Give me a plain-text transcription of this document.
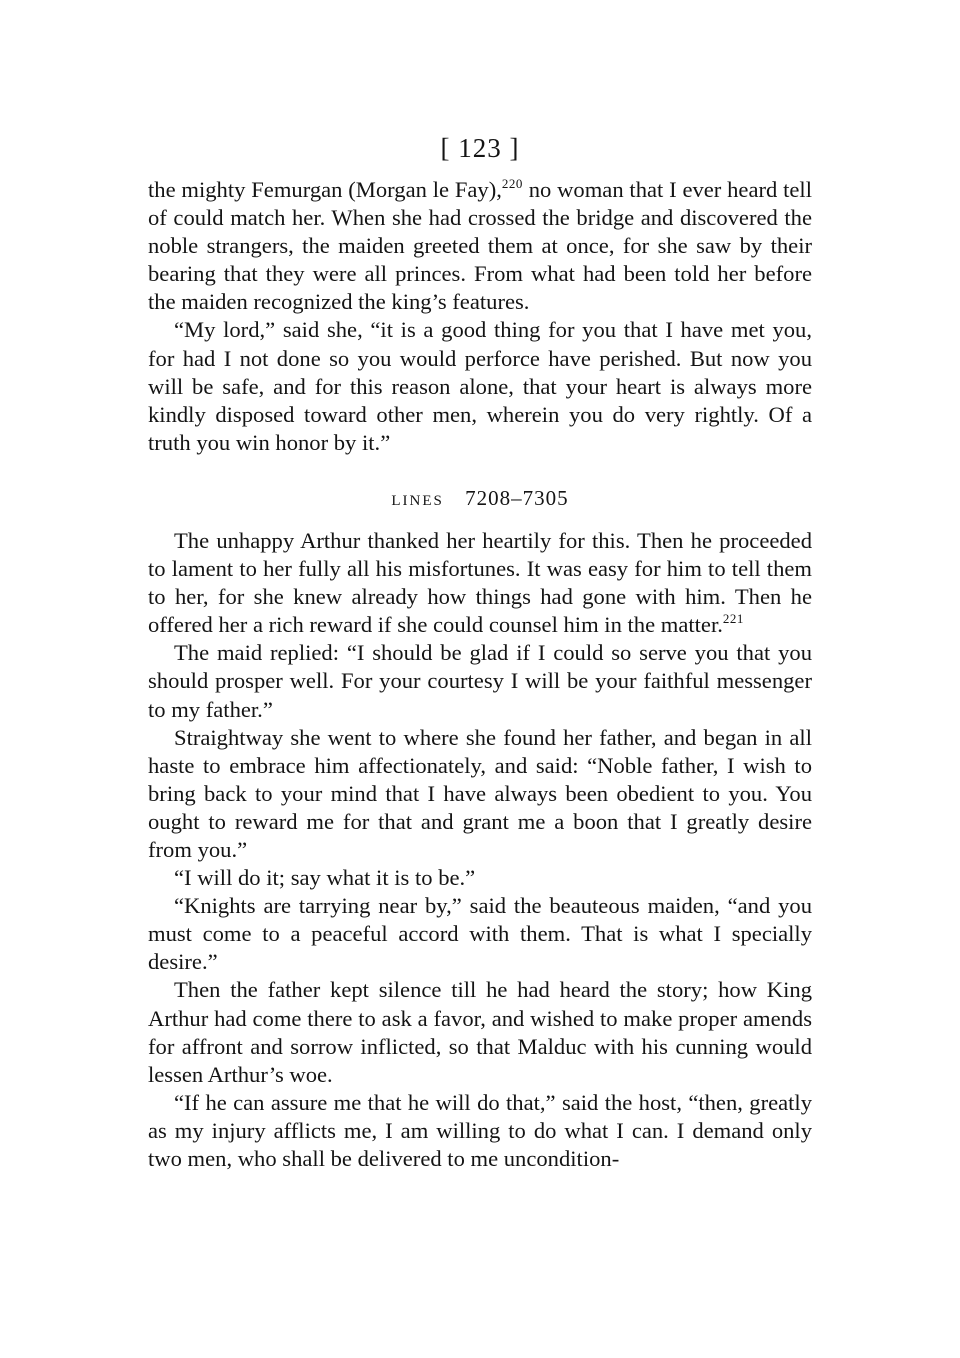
[ 123 ]

the mighty Femurgan (Morgan le Fay),$^{220}$ no woman that I ever heard tell of could match her. When she had crossed the bridge and discovered the noble strangers, the maiden greeted them at once, for she saw by their bearing that they were all princes. From what had been told her before the maiden recognized the king’s features.

“My lord,” said she, “it is a good thing for you that I have met you, for had I not done so you would perforce have perished. But now you will be safe, and for this reason alone, that your heart is always more kindly disposed toward other men, wherein you do very rightly. Of a truth you win honor by it.”

LINES  7208–7305

The unhappy Arthur thanked her heartily for this. Then he proceeded to lament to her fully all his misfortunes. It was easy for him to tell them to her, for she knew already how things had gone with him. Then he offered her a rich reward if she could counsel him in the matter.$^{221}$

The maid replied: “I should be glad if I could so serve you that you should prosper well. For your courtesy I will be your faithful messenger to my father.”

Straightway she went to where she found her father, and began in all haste to embrace him affectionately, and said: “Noble father, I wish to bring back to your mind that I have always been obedient to you. You ought to reward me for that and grant me a boon that I greatly desire from you.”

“I will do it; say what it is to be.”

“Knights are tarrying near by,” said the beauteous maiden, “and you must come to a peaceful accord with them. That is what I specially desire.”

Then the father kept silence till he had heard the story; how King Arthur had come there to ask a favor, and wished to make proper amends for affront and sorrow inflicted, so that Malduc with his cunning would lessen Arthur’s woe.

“If he can assure me that he will do that,” said the host, “then, greatly as my injury afflicts me, I am willing to do what I can. I demand only two men, who shall be delivered to me uncondition-
